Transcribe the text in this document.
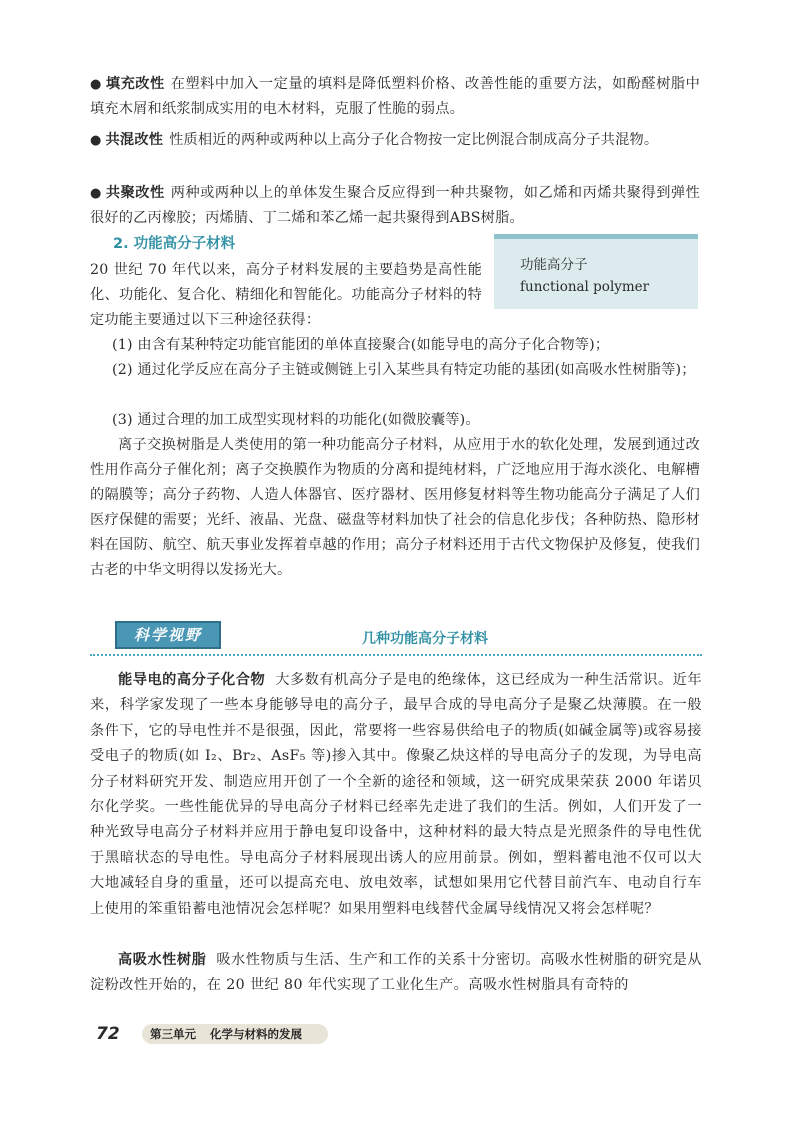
● 填充改性 在塑料中加入一定量的填料是降低塑料价格、改善性能的重要方法，如酚醛树脂中填充木屑和纸浆制成实用的电木材料，克服了性脆的弱点。

● 共混改性 性质相近的两种或两种以上高分子化合物按一定比例混合制成高分子共混物。

● 共聚改性 两种或两种以上的单体发生聚合反应得到一种共聚物，如乙烯和丙烯共聚得到弹性很好的乙丙橡胶；丙烯腈、丁二烯和苯乙烯一起共聚得到ABS树脂。

2. 功能高分子材料
功能高分子
functional polymer

20 世纪 70 年代以来，高分子材料发展的主要趋势是高性能化、功能化、复合化、精细化和智能化。功能高分子材料的特定功能主要通过以下三种途径获得：

(1) 由含有某种特定功能官能团的单体直接聚合(如能导电的高分子化合物等)；

(2) 通过化学反应在高分子主链或侧链上引入某些具有特定功能的基团(如高吸水性树脂等)；

(3) 通过合理的加工成型实现材料的功能化(如微胶囊等)。

离子交换树脂是人类使用的第一种功能高分子材料，从应用于水的软化处理，发展到通过改性用作高分子催化剂；离子交换膜作为物质的分离和提纯材料，广泛地应用于海水淡化、电解槽的隔膜等；高分子药物、人造人体器官、医疗器材、医用修复材料等生物功能高分子满足了人们医疗保健的需要；光纤、液晶、光盘、磁盘等材料加快了社会的信息化步伐；各种防热、隐形材料在国防、航空、航天事业发挥着卓越的作用；高分子材料还用于古代文物保护及修复，使我们古老的中华文明得以发扬光大。

科学视野	几种功能高分子材料

能导电的高分子化合物 大多数有机高分子是电的绝缘体，这已经成为一种生活常识。近年来，科学家发现了一些本身能够导电的高分子，最早合成的导电高分子是聚乙炔薄膜。在一般条件下，它的导电性并不是很强，因此，常要将一些容易供给电子的物质(如碱金属等)或容易接受电子的物质(如 I₂、Br₂、AsF₅ 等)掺入其中。像聚乙炔这样的导电高分子的发现，为导电高分子材料研究开发、制造应用开创了一个全新的途径和领域，这一研究成果荣获 2000 年诺贝尔化学奖。一些性能优异的导电高分子材料已经率先走进了我们的生活。例如，人们开发了一种光致导电高分子材料并应用于静电复印设备中，这种材料的最大特点是光照条件的导电性优于黑暗状态的导电性。导电高分子材料展现出诱人的应用前景。例如，塑料蓄电池不仅可以大大地减轻自身的重量，还可以提高充电、放电效率，试想如果用它代替目前汽车、电动自行车上使用的笨重铅蓄电池情况会怎样呢？如果用塑料电线替代金属导线情况又将会怎样呢？

高吸水性树脂 吸水性物质与生活、生产和工作的关系十分密切。高吸水性树脂的研究是从淀粉改性开始的，在 20 世纪 80 年代实现了工业化生产。高吸水性树脂具有奇特的

72	第三单元 化学与材料的发展
